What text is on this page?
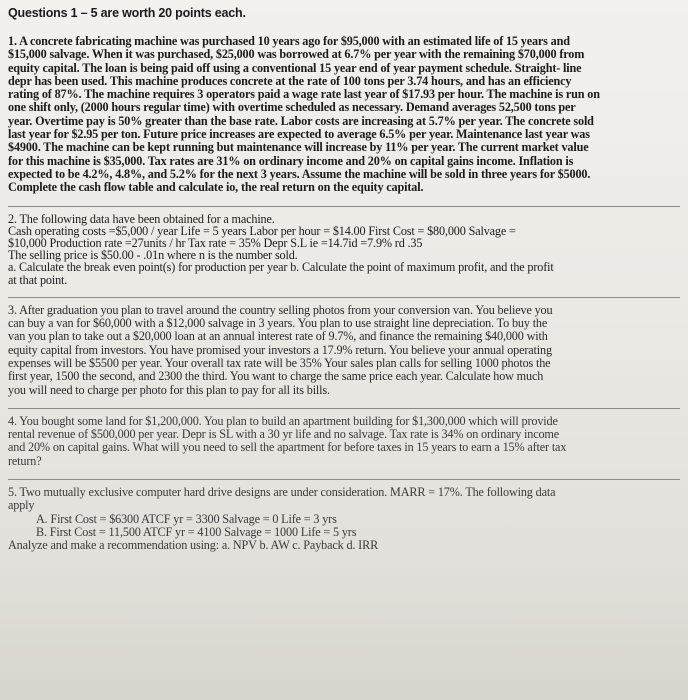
Questions 1 – 5 are worth 20 points each.

1. A concrete fabricating machine was purchased 10 years ago for $95,000 with an estimated life of 15 years and

$15,000 salvage. When it was purchased, $25,000 was borrowed at 6.7% per year with the remaining $70,000 from

equity capital. The loan is being paid off using a conventional 15 year end of year payment schedule. Straight- line

depr has been used. This machine produces concrete at the rate of 100 tons per 3.74 hours, and has an efficiency

rating of 87%. The machine requires 3 operators paid a wage rate last year of $17.93 per hour. The machine is run on

one shift only, (2000 hours regular time) with overtime scheduled as necessary. Demand averages 52,500 tons per

year. Overtime pay is 50% greater than the base rate. Labor costs are increasing at 5.7% per year. The concrete sold

last year for $2.95 per ton. Future price increases are expected to average 6.5% per year. Maintenance last year was

$4900. The machine can be kept running but maintenance will increase by 11% per year. The current market value

for this machine is $35,000. Tax rates are 31% on ordinary income and 20% on capital gains income. Inflation is

expected to be 4.2%, 4.8%, and 5.2% for the next 3 years. Assume the machine will be sold in three years for $5000.

Complete the cash flow table and calculate io, the real return on the equity capital.

2. The following data have been obtained for a machine.

Cash operating costs =$5,000 / year Life = 5 years Labor per hour = $14.00 First Cost = $80,000 Salvage =

$10,000 Production rate =27units / hr Tax rate = 35% Depr S.L ie =14.7id =7.9% rd .35

The selling price is $50.00 - .01n where n is the number sold.

a. Calculate the break even point(s) for production per year b. Calculate the point of maximum profit, and the profit

at that point.

3. After graduation you plan to travel around the country selling photos from your conversion van. You believe you

can buy a van for $60,000 with a $12,000 salvage in 3 years. You plan to use straight line depreciation. To buy the

van you plan to take out a $20,000 loan at an annual interest rate of 9.7%, and finance the remaining $40,000 with

equity capital from investors. You have promised your investors a 17.9% return. You believe your annual operating

expenses will be $5500 per year. Your overall tax rate will be 35% Your sales plan calls for selling 1000 photos the

first year, 1500 the second, and 2300 the third. You want to charge the same price each year. Calculate how much

you will need to charge per photo for this plan to pay for all its bills.

4. You bought some land for $1,200,000. You plan to build an apartment building for $1,300,000 which will provide

rental revenue of $500,000 per year. Depr is SL with a 30 yr life and no salvage. Tax rate is 34% on ordinary income

and 20% on capital gains. What will you need to sell the apartment for before taxes in 15 years to earn a 15% after tax

return?

5. Two mutually exclusive computer hard drive designs are under consideration. MARR = 17%. The following data

apply

A. First Cost = $6300 ATCF yr = 3300 Salvage = 0 Life = 3 yrs

B. First Cost = 11,500 ATCF yr = 4100 Salvage = 1000 Life = 5 yrs

Analyze and make a recommendation using: a. NPV b. AW c. Payback d. IRR
